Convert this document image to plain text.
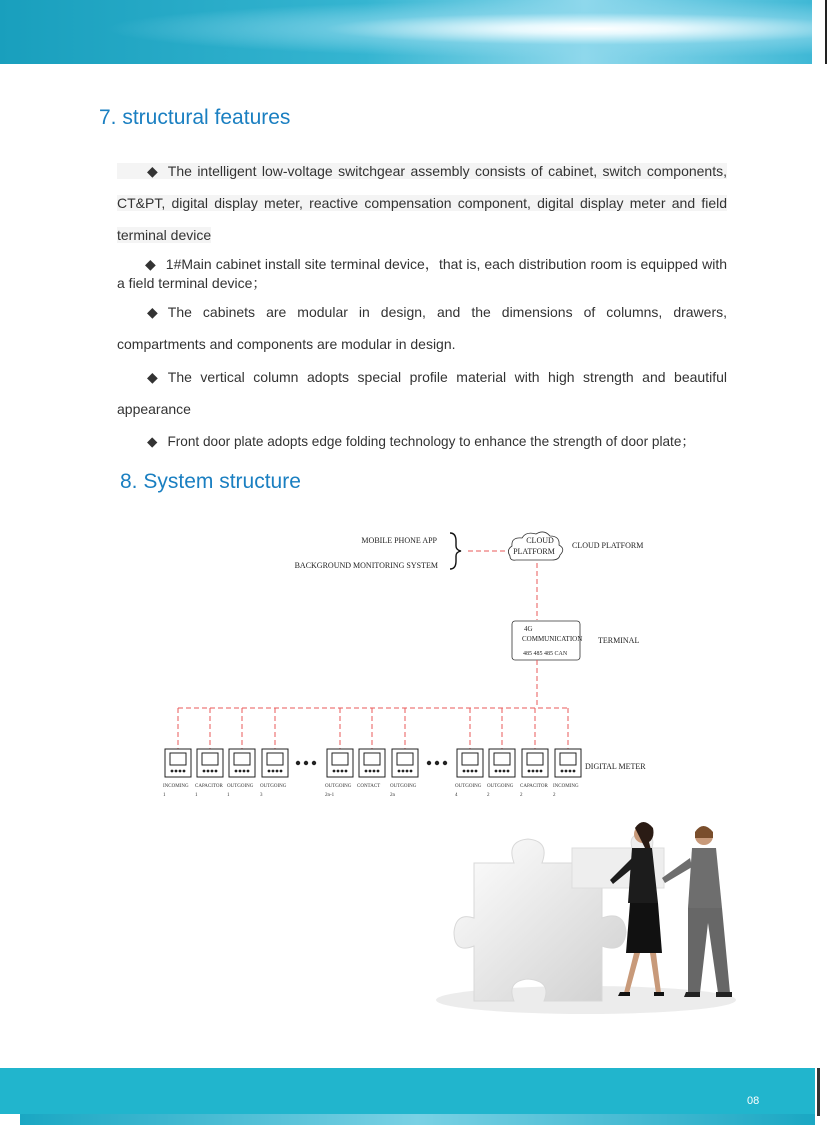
7. structural features
◆ The intelligent low-voltage switchgear assembly consists of cabinet, switch components, CT&PT, digital display meter, reactive compensation component, digital display meter and field terminal device
◆ 1#Main cabinet install site terminal device，that is, each distribution room is equipped with a field terminal device；
◆ The cabinets are modular in design, and the dimensions of columns, drawers, compartments and components are modular in design.
◆ The vertical column adopts special profile material with high strength and beautiful appearance
◆ Front door plate adopts edge folding technology to enhance the strength of door plate；
8. System structure
MOBILE PHONE APP
BACKGROUND MONITORING SYSTEM
CLOUD
PLATFORM
CLOUD PLATFORM
4G
COMMUNICATION
485 485 485 CAN
TERMINAL
DIGITAL METER
INCOMING
1
CAPACITOR
1
OUTGOING
1
OUTGOING
3
OUTGOING
2n-1
CONTACT OUTGOING
2n
OUTGOING
4
OUTGOING
2
CAPACITOR
2
INCOMING
2
08
